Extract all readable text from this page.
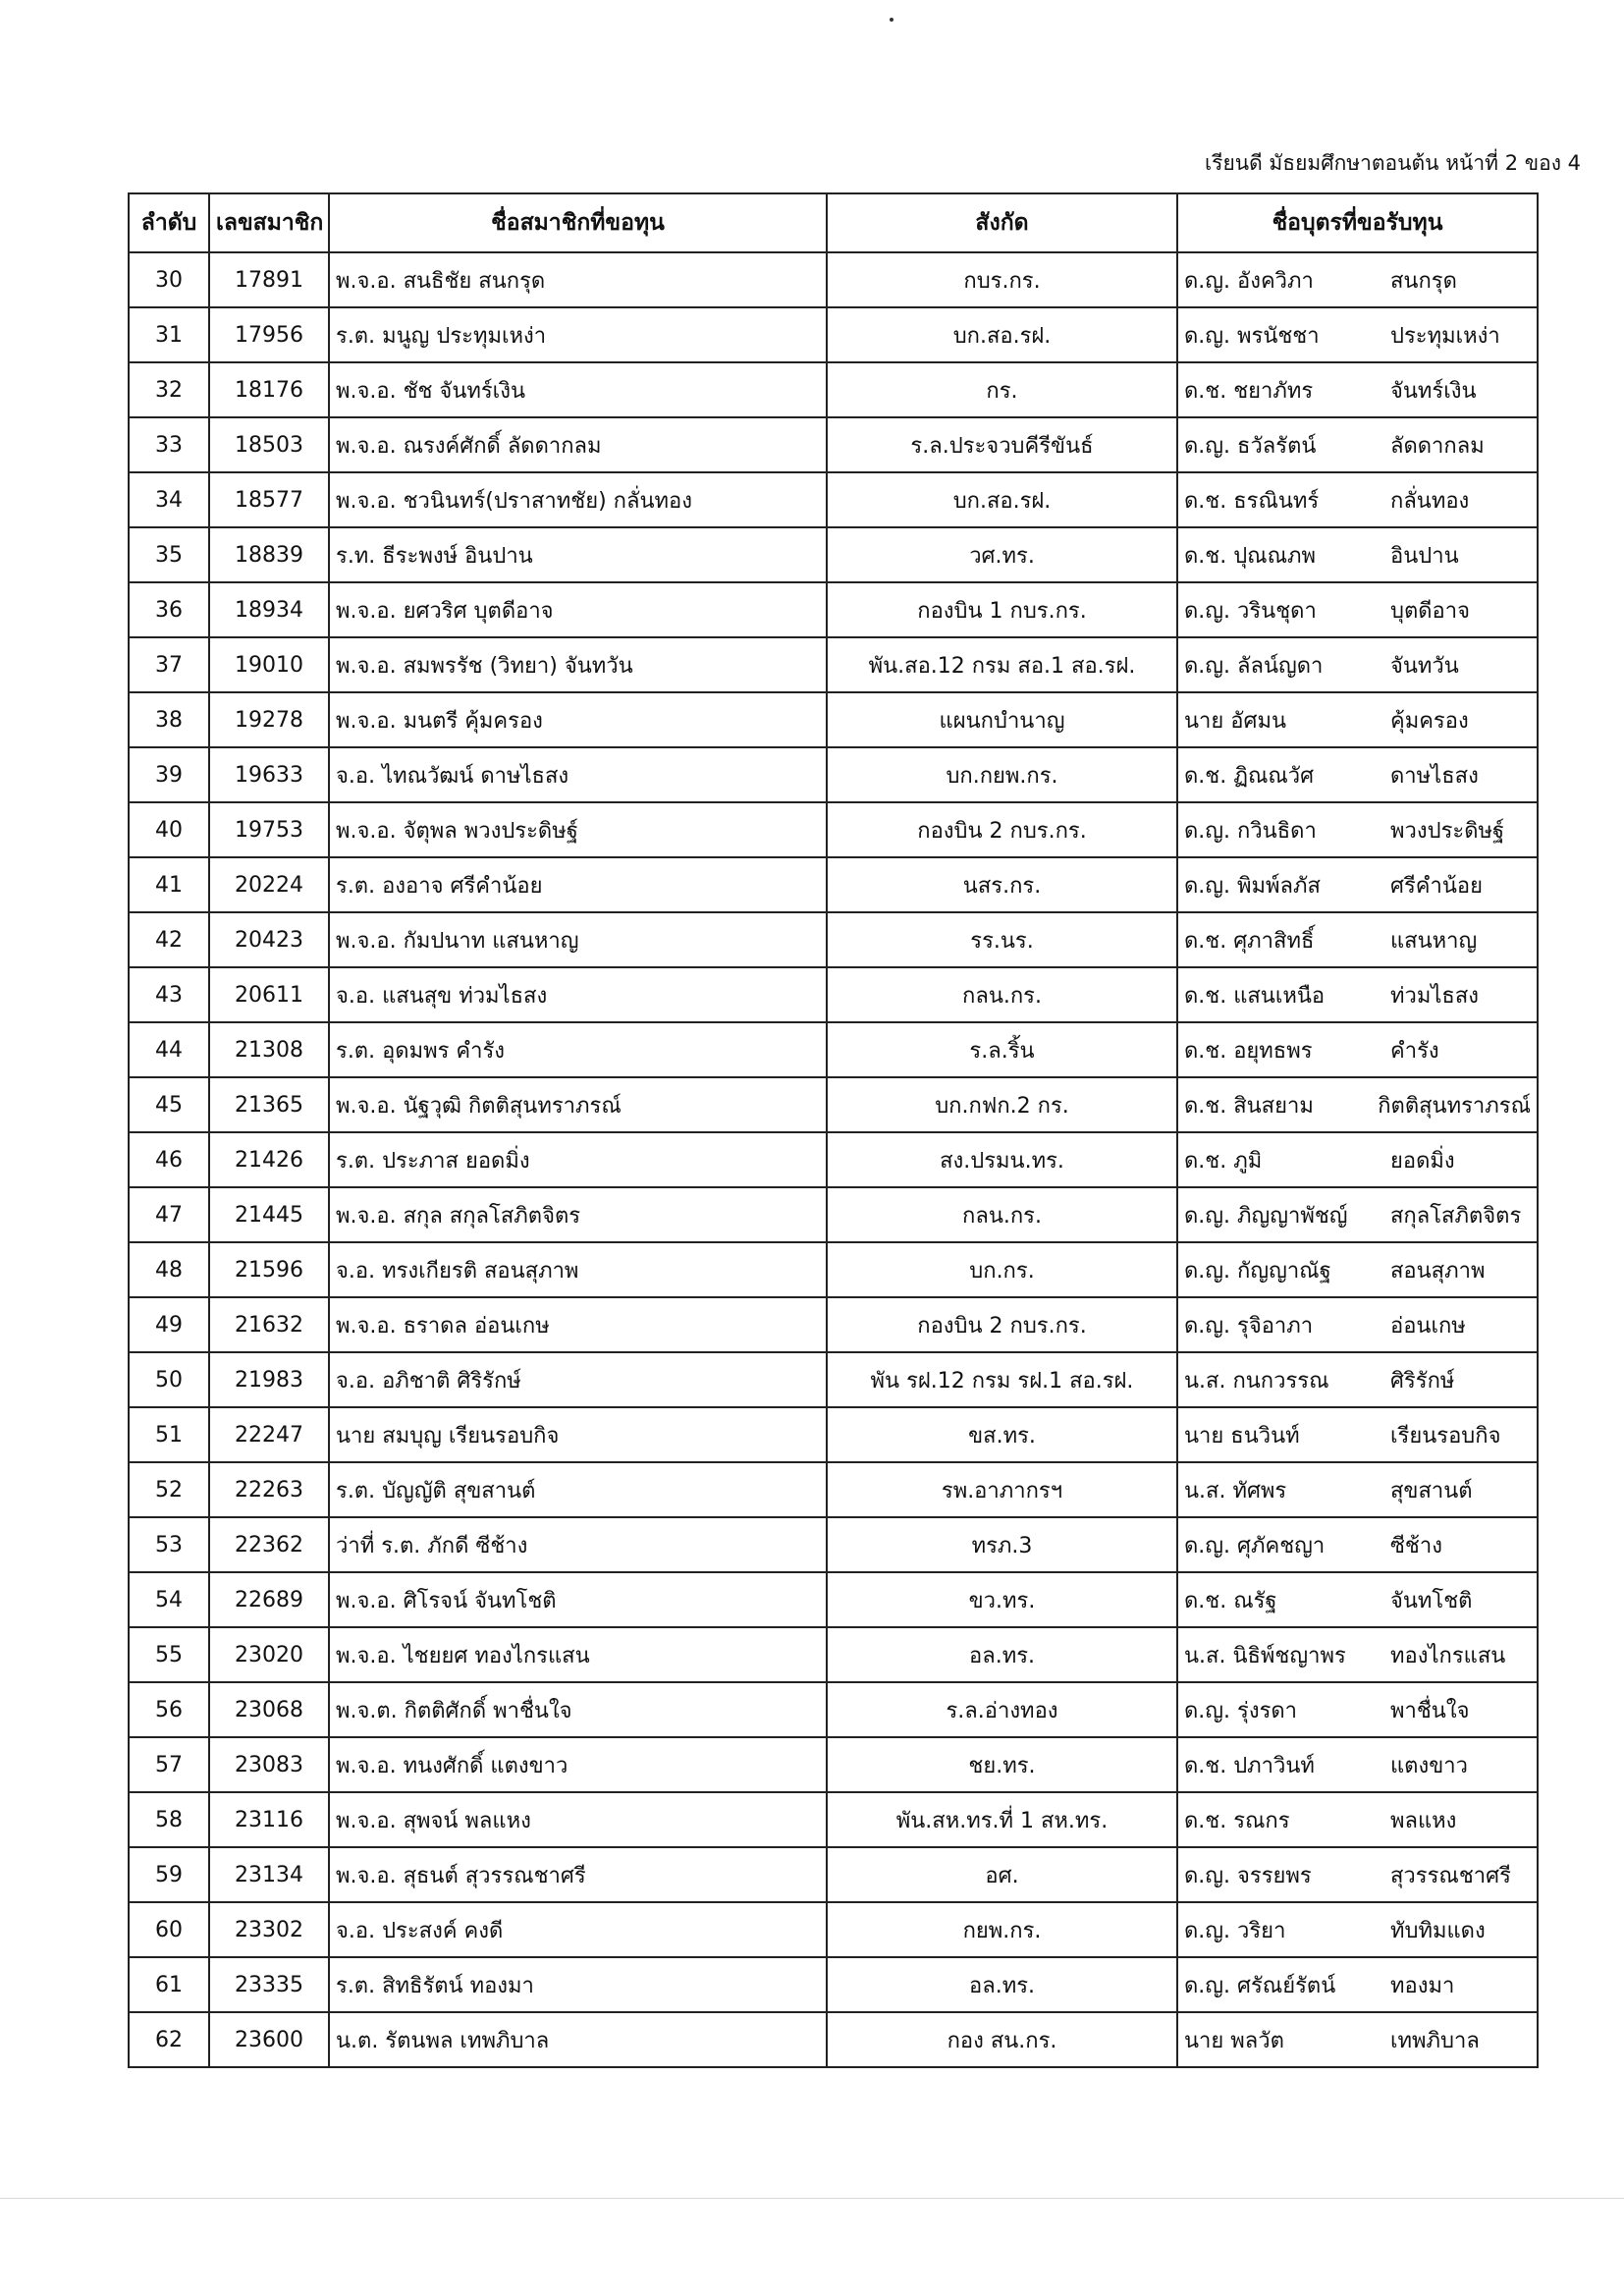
เรียนดี มัธยมศึกษาตอนต้น หน้าที่ 2 ของ 4
ลำดับ	เลขสมาชิก	ชื่อสมาชิกที่ขอทุน	สังกัด	ชื่อบุตรที่ขอรับทุน
30	17891	พ.จ.อ. สนธิชัย สนกรุด	กบร.กร.	ด.ญ. อังควิภา สนกรุด

31	17956	ร.ต. มนูญ ประทุมเหง่า	บก.สอ.รฝ.	ด.ญ. พรนัชชา ประทุมเหง่า

32	18176	พ.จ.อ. ชัช จันทร์เงิน	กร.	ด.ช. ชยาภัทร จันทร์เงิน

33	18503	พ.จ.อ. ณรงค์ศักดิ์ ลัดดากลม	ร.ล.ประจวบคีรีขันธ์	ด.ญ. ธวัลรัตน์ ลัดดากลม

34	18577	พ.จ.อ. ชวนินทร์(ปราสาทชัย) กลั่นทอง	บก.สอ.รฝ.	ด.ช. ธรณินทร์ กลั่นทอง

35	18839	ร.ท. ธีระพงษ์ อินปาน	วศ.ทร.	ด.ช. ปุณณภพ อินปาน

36	18934	พ.จ.อ. ยศวริศ บุตดีอาจ	กองบิน 1 กบร.กร.	ด.ญ. วรินชุดา บุตดีอาจ

37	19010	พ.จ.อ. สมพรรัช (วิทยา) จันทวัน	พัน.สอ.12 กรม สอ.1 สอ.รฝ.	ด.ญ. ลัลน์ญดา จันทวัน

38	19278	พ.จ.อ. มนตรี คุ้มครอง	แผนกบำนาญ	นาย อัศมน คุ้มครอง

39	19633	จ.อ. ไทณวัฒน์ ดาษไธสง	บก.กยพ.กร.	ด.ช. ฏิณณวัศ ดาษไธสง

40	19753	พ.จ.อ. จัตุพล พวงประดิษฐ์	กองบิน 2 กบร.กร.	ด.ญ. กวินธิดา พวงประดิษฐ์

41	20224	ร.ต. องอาจ ศรีคำน้อย	นสร.กร.	ด.ญ. พิมพ์ลภัส ศรีคำน้อย

42	20423	พ.จ.อ. กัมปนาท แสนหาญ	รร.นร.	ด.ช. ศุภาสิทธิ์ แสนหาญ

43	20611	จ.อ. แสนสุข ท่วมไธสง	กลน.กร.	ด.ช. แสนเหนือ ท่วมไธสง

44	21308	ร.ต. อุดมพร คำรัง	ร.ล.ริ้น	ด.ช. อยุทธพร คำรัง

45	21365	พ.จ.อ. นัฐวุฒิ กิตติสุนทราภรณ์	บก.กฟก.2 กร.	ด.ช. สินสยาม กิตติสุนทราภรณ์

46	21426	ร.ต. ประภาส ยอดมิ่ง	สง.ปรมน.ทร.	ด.ช. ภูมิ ยอดมิ่ง

47	21445	พ.จ.อ. สกุล สกุลโสภิตจิตร	กลน.กร.	ด.ญ. ภิญญาพัชญ์ สกุลโสภิตจิตร

48	21596	จ.อ. ทรงเกียรติ สอนสุภาพ	บก.กร.	ด.ญ. กัญญาณัฐ สอนสุภาพ

49	21632	พ.จ.อ. ธราดล อ่อนเกษ	กองบิน 2 กบร.กร.	ด.ญ. รุจิอาภา อ่อนเกษ

50	21983	จ.อ. อภิชาติ ศิริรักษ์	พัน รฝ.12 กรม รฝ.1 สอ.รฝ.	น.ส. กนกวรรณ ศิริรักษ์

51	22247	นาย สมบุญ เรียนรอบกิจ	ขส.ทร.	นาย ธนวินท์ เรียนรอบกิจ

52	22263	ร.ต. บัญญัติ สุขสานต์	รพ.อาภากรฯ	น.ส. ทัศพร สุขสานต์

53	22362	ว่าที่ ร.ต. ภักดี ซีช้าง	ทรภ.3	ด.ญ. ศุภัคชญา ซีช้าง

54	22689	พ.จ.อ. ศิโรจน์ จันทโชติ	ขว.ทร.	ด.ช. ณรัฐ จันทโชติ

55	23020	พ.จ.อ. ไชยยศ ทองไกรแสน	อล.ทร.	น.ส. นิธิพ์ชญาพร ทองไกรแสน

56	23068	พ.จ.ต. กิตติศักดิ์ พาชื่นใจ	ร.ล.อ่างทอง	ด.ญ. รุ่งรดา พาชื่นใจ

57	23083	พ.จ.อ. ทนงศักดิ์ แตงขาว	ชย.ทร.	ด.ช. ปภาวินท์ แตงขาว

58	23116	พ.จ.อ. สุพจน์ พลแหง	พัน.สห.ทร.ที่ 1 สห.ทร.	ด.ช. รณกร พลแหง

59	23134	พ.จ.อ. สุธนต์ สุวรรณชาศรี	อศ.	ด.ญ. จรรยพร สุวรรณชาศรี

60	23302	จ.อ. ประสงค์ คงดี	กยพ.กร.	ด.ญ. วริยา ทับทิมแดง

61	23335	ร.ต. สิทธิรัตน์ ทองมา	อล.ทร.	ด.ญ. ศรัณย์รัตน์ ทองมา

62	23600	น.ต. รัตนพล เทพภิบาล	กอง สน.กร.	นาย พลวัต เทพภิบาล
